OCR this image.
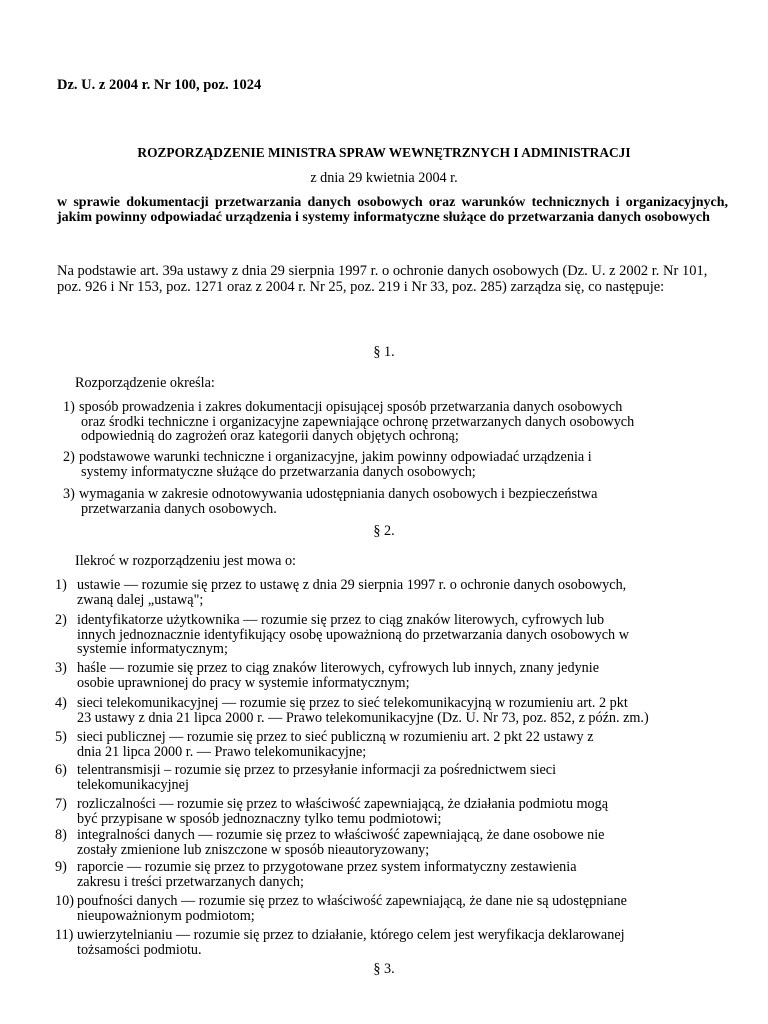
Dz. U. z 2004 r. Nr 100, poz. 1024
ROZPORZĄDZENIE MINISTRA SPRAW WEWNĘTRZNYCH I ADMINISTRACJI
z dnia 29 kwietnia 2004 r.
w sprawie dokumentacji przetwarzania danych osobowych oraz warunków technicznych i organizacyjnych, jakim powinny odpowiadać urządzenia i systemy informatyczne służące do przetwarzania danych osobowych
Na podstawie art. 39a ustawy z dnia 29 sierpnia 1997 r. o ochronie danych osobowych (Dz. U. z 2002 r. Nr 101, poz. 926 i Nr 153, poz. 1271 oraz z 2004 r. Nr 25, poz. 219 i Nr 33, poz. 285) zarządza się, co następuje:
§ 1.
Rozporządzenie określa:
1) sposób prowadzenia i zakres dokumentacji opisującej sposób przetwarzania danych osobowych
oraz środki techniczne i organizacyjne zapewniające ochronę przetwarzanych danych osobowych
odpowiednią do zagrożeń oraz kategorii danych objętych ochroną;
2) podstawowe warunki techniczne i organizacyjne, jakim powinny odpowiadać urządzenia i
systemy informatyczne służące do przetwarzania danych osobowych;
3) wymagania w zakresie odnotowywania udostępniania danych osobowych i bezpieczeństwa
przetwarzania danych osobowych.
§ 2.
Ilekroć w rozporządzeniu jest mowa o:
1) ustawie — rozumie się przez to ustawę z dnia 29 sierpnia 1997 r. o ochronie danych osobowych,
zwaną dalej „ustawą";
2) identyfikatorze użytkownika — rozumie się przez to ciąg znaków literowych, cyfrowych lub
innych jednoznacznie identyfikujący osobę upoważnioną do przetwarzania danych osobowych w
systemie informatycznym;
3) haśle — rozumie się przez to ciąg znaków literowych, cyfrowych lub innych, znany jedynie
osobie uprawnionej do pracy w systemie informatycznym;
4) sieci telekomunikacyjnej — rozumie się przez to sieć telekomunikacyjną w rozumieniu art. 2 pkt
23 ustawy z dnia 21 lipca 2000 r. — Prawo telekomunikacyjne (Dz. U. Nr 73, poz. 852, z późn. zm.)
5) sieci publicznej — rozumie się przez to sieć publiczną w rozumieniu art. 2 pkt 22 ustawy z
dnia 21 lipca 2000 r. — Prawo telekomunikacyjne;
6) telentransmisji – rozumie się przez to przesyłanie informacji za pośrednictwem sieci
telekomunikacyjnej
7) rozliczalności — rozumie się przez to właściwość zapewniającą, że działania podmiotu mogą
być przypisane w sposób jednoznaczny tylko temu podmiotowi;
8) integralności danych — rozumie się przez to właściwość zapewniającą, że dane osobowe nie
zostały zmienione lub zniszczone w sposób nieautoryzowany;
9) raporcie — rozumie się przez to przygotowane przez system informatyczny zestawienia
zakresu i treści przetwarzanych danych;
10) poufności danych — rozumie się przez to właściwość zapewniającą, że dane nie są udostępniane
nieupoważnionym podmiotom;
11) uwierzytelnianiu — rozumie się przez to działanie, którego celem jest weryfikacja deklarowanej
tożsamości podmiotu.
§ 3.
